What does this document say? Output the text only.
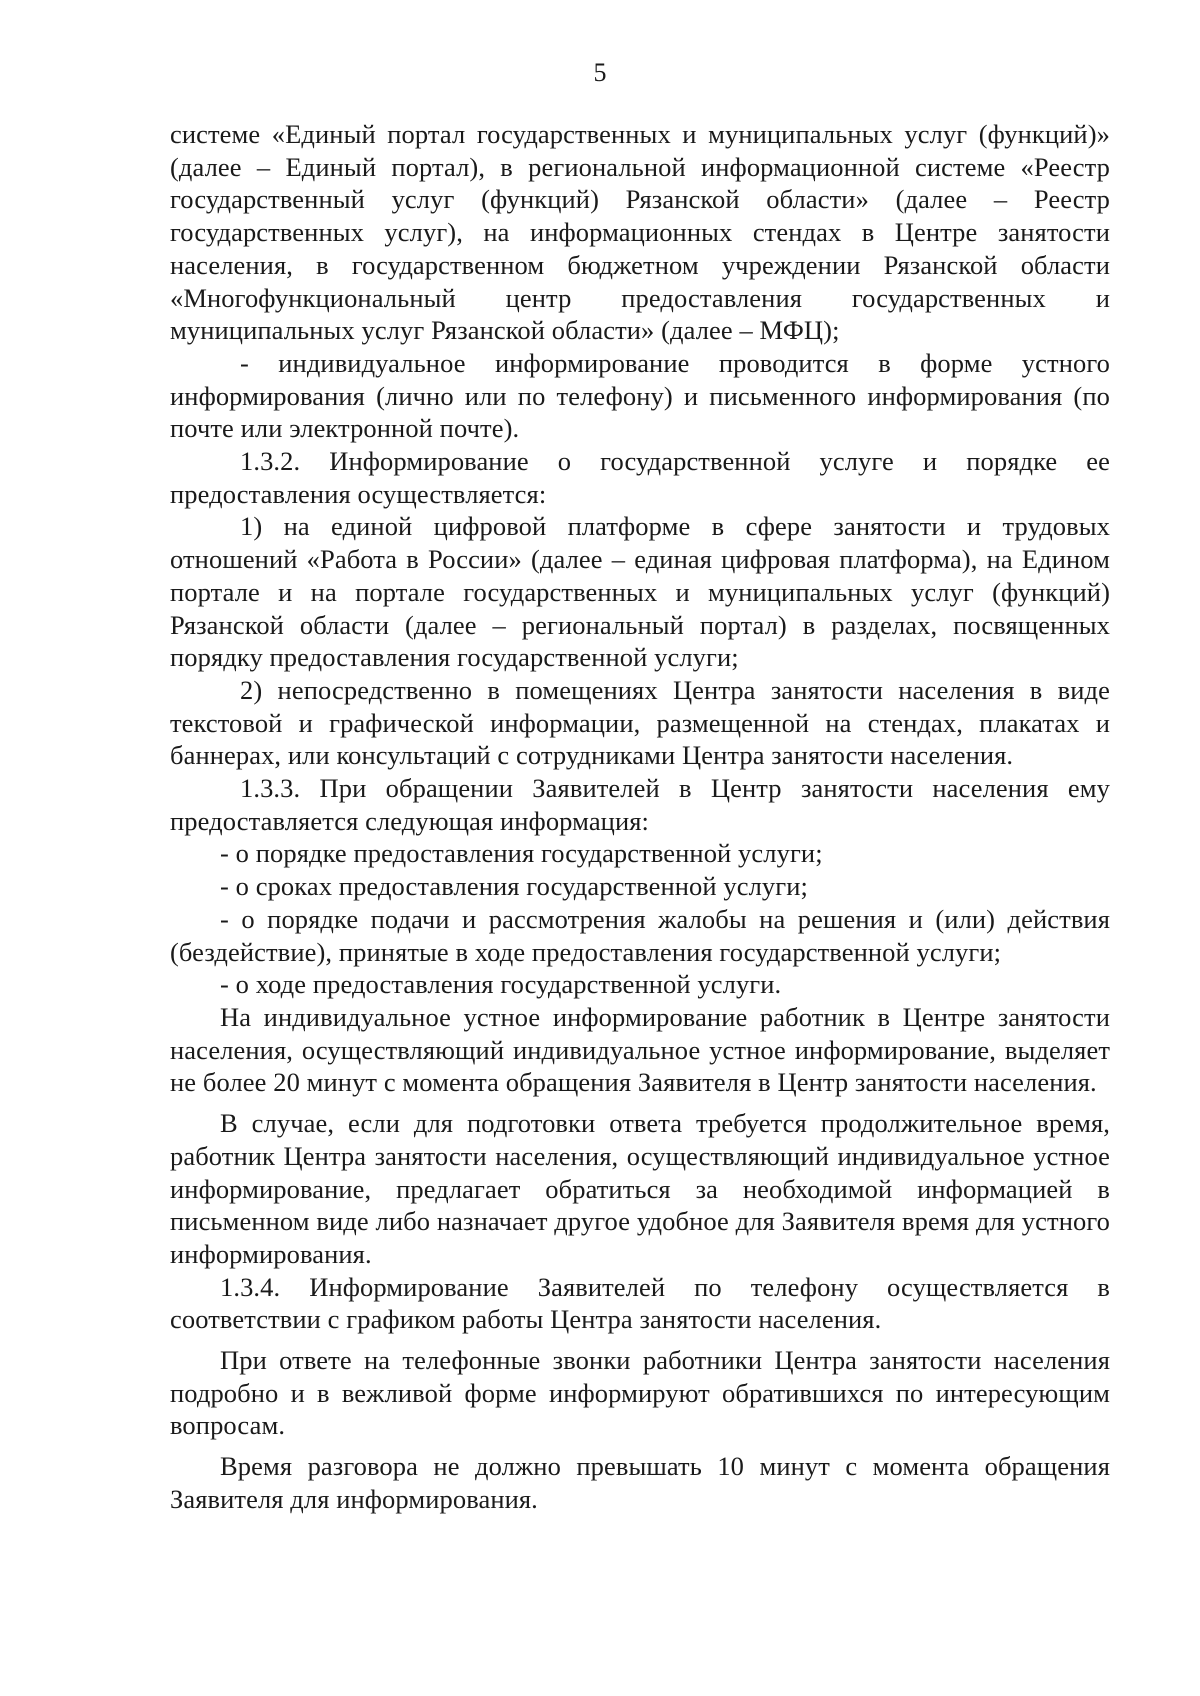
5

системе «Единый портал государственных и муниципальных услуг (функций)» (далее – Единый портал), в региональной информационной системе «Реестр государственный услуг (функций) Рязанской области» (далее – Реестр государственных услуг), на информационных стендах в Центре занятости населения, в государственном бюджетном учреждении Рязанской области «Многофункциональный центр предоставления государственных и муниципальных услуг Рязанской области» (далее – МФЦ);

- индивидуальное информирование проводится в форме устного информирования (лично или по телефону) и письменного информирования (по почте или электронной почте).

1.3.2. Информирование о государственной услуге и порядке ее предоставления осуществляется:

1) на единой цифровой платформе в сфере занятости и трудовых отношений «Работа в России» (далее – единая цифровая платформа), на Едином портале и на портале государственных и муниципальных услуг (функций) Рязанской области (далее – региональный портал) в разделах, посвященных порядку предоставления государственной услуги;

2) непосредственно в помещениях Центра занятости населения в виде текстовой и графической информации, размещенной на стендах, плакатах и баннерах, или консультаций с сотрудниками Центра занятости населения.

1.3.3. При обращении Заявителей в Центр занятости населения ему предоставляется следующая информация:

- о порядке предоставления государственной услуги;

- о сроках предоставления государственной услуги;

- о порядке подачи и рассмотрения жалобы на решения и (или) действия (бездействие), принятые в ходе предоставления государственной услуги;

- о ходе предоставления государственной услуги.

На индивидуальное устное информирование работник в Центре занятости населения, осуществляющий индивидуальное устное информирование, выделяет не более 20 минут с момента обращения Заявителя в Центр занятости населения.

В случае, если для подготовки ответа требуется продолжительное время, работник Центра занятости населения, осуществляющий индивидуальное устное информирование, предлагает обратиться за необходимой информацией в письменном виде либо назначает другое удобное для Заявителя время для устного информирования.

1.3.4. Информирование Заявителей по телефону осуществляется в соответствии с графиком работы Центра занятости населения.

При ответе на телефонные звонки работники Центра занятости населения подробно и в вежливой форме информируют обратившихся по интересующим вопросам.

Время разговора не должно превышать 10 минут с момента обращения Заявителя для информирования.
